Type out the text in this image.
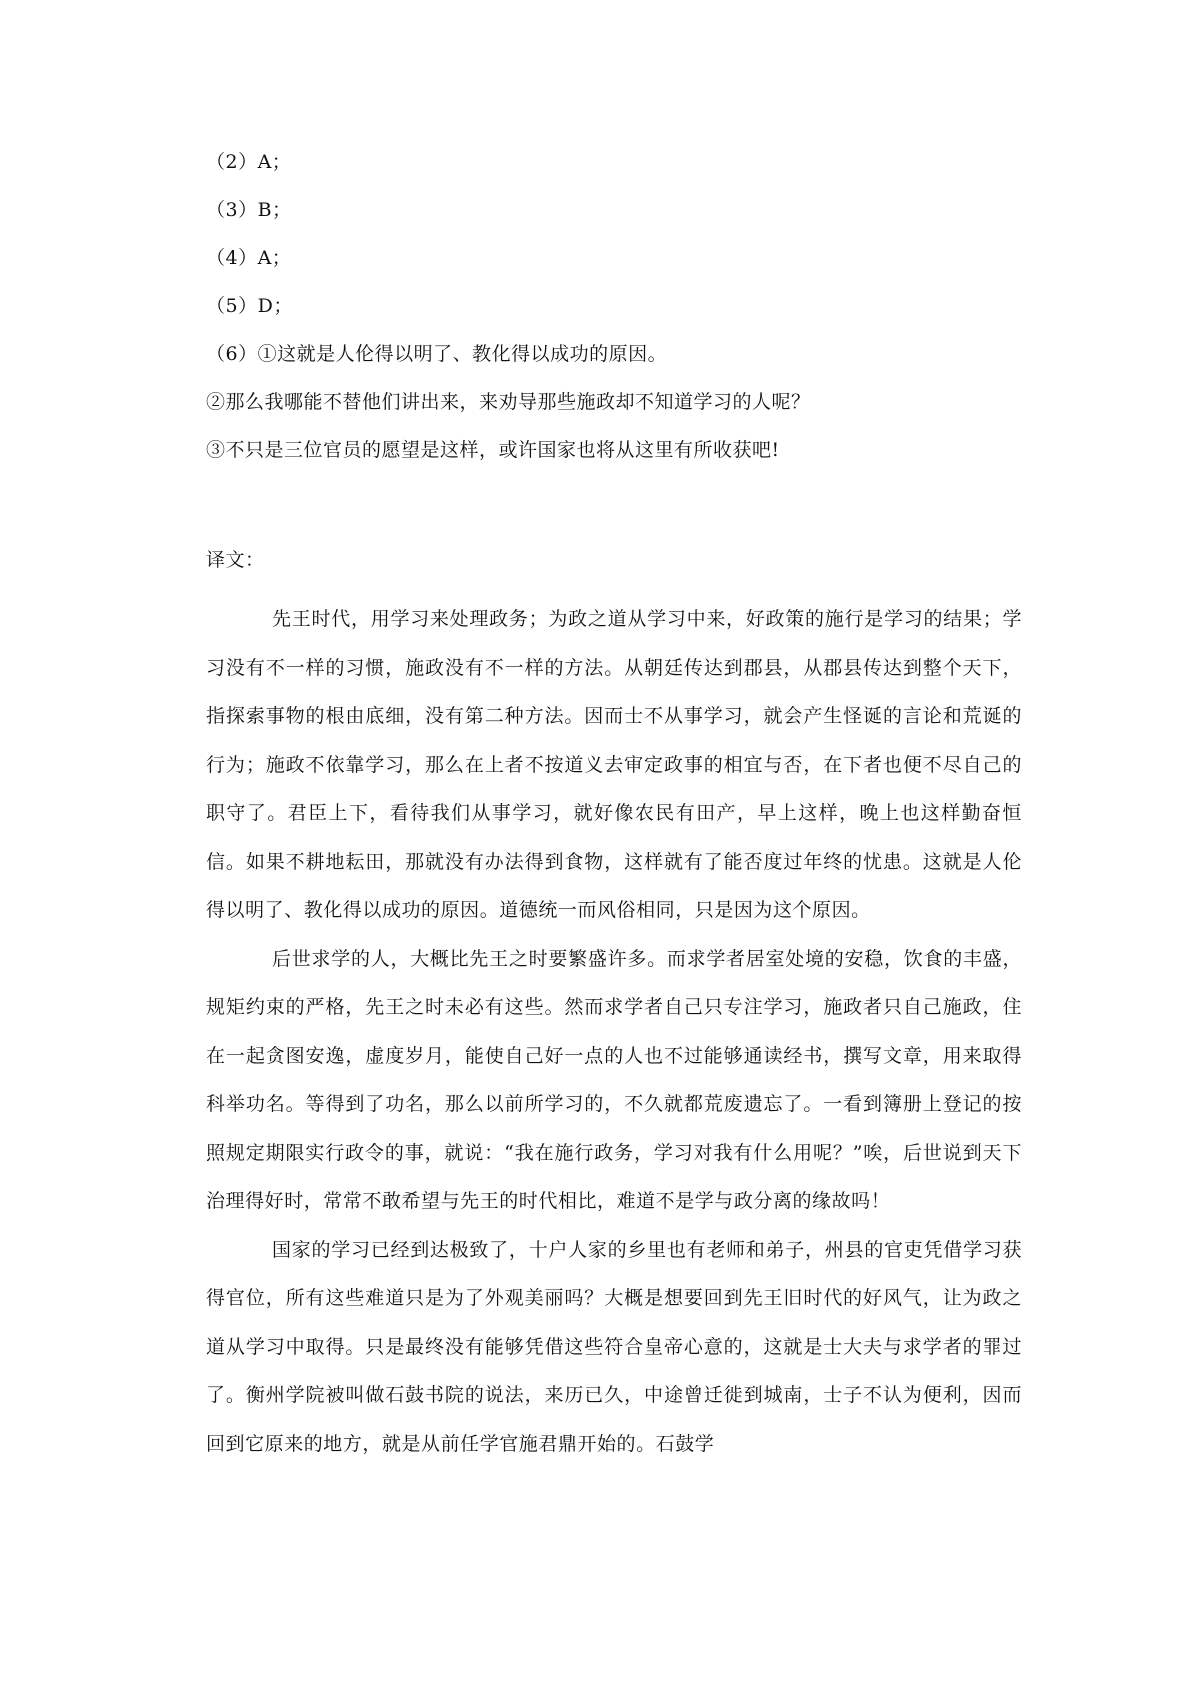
（2）A；
（3）B；
（4）A；
（5）D；
（6）①这就是人伦得以明了、教化得以成功的原因。
②那么我哪能不替他们讲出来，来劝导那些施政却不知道学习的人呢？
③不只是三位官员的愿望是这样，或许国家也将从这里有所收获吧!
译文：

先王时代，用学习来处理政务；为政之道从学习中来，好政策的施行是学习的结果；学习没有不一样的习惯，施政没有不一样的方法。从朝廷传达到郡县，从郡县传达到整个天下，指探索事物的根由底细，没有第二种方法。因而士不从事学习，就会产生怪诞的言论和荒诞的行为；施政不依靠学习，那么在上者不按道义去审定政事的相宜与否，在下者也便不尽自己的职守了。君臣上下，看待我们从事学习，就好像农民有田产，早上这样，晚上也这样勤奋恒信。如果不耕地耘田，那就没有办法得到食物，这样就有了能否度过年终的忧患。这就是人伦得以明了、教化得以成功的原因。道德统一而风俗相同，只是因为这个原因。

后世求学的人，大概比先王之时要繁盛许多。而求学者居室处境的安稳，饮食的丰盛，规矩约束的严格，先王之时未必有这些。然而求学者自己只专注学习，施政者只自己施政，住在一起贪图安逸，虚度岁月，能使自己好一点的人也不过能够通读经书，撰写文章，用来取得科举功名。等得到了功名，那么以前所学习的，不久就都荒废遗忘了。一看到簿册上登记的按照规定期限实行政令的事，就说：“我在施行政务，学习对我有什么用呢？”唉，后世说到天下治理得好时，常常不敢希望与先王的时代相比，难道不是学与政分离的缘故吗！

国家的学习已经到达极致了，十户人家的乡里也有老师和弟子，州县的官吏凭借学习获得官位，所有这些难道只是为了外观美丽吗？大概是想要回到先王旧时代的好风气，让为政之道从学习中取得。只是最终没有能够凭借这些符合皇帝心意的，这就是士大夫与求学者的罪过了。衡州学院被叫做石鼓书院的说法，来历已久，中途曾迁徙到城南，士子不认为便利，因而回到它原来的地方，就是从前任学官施君鼎开始的。石鼓学
